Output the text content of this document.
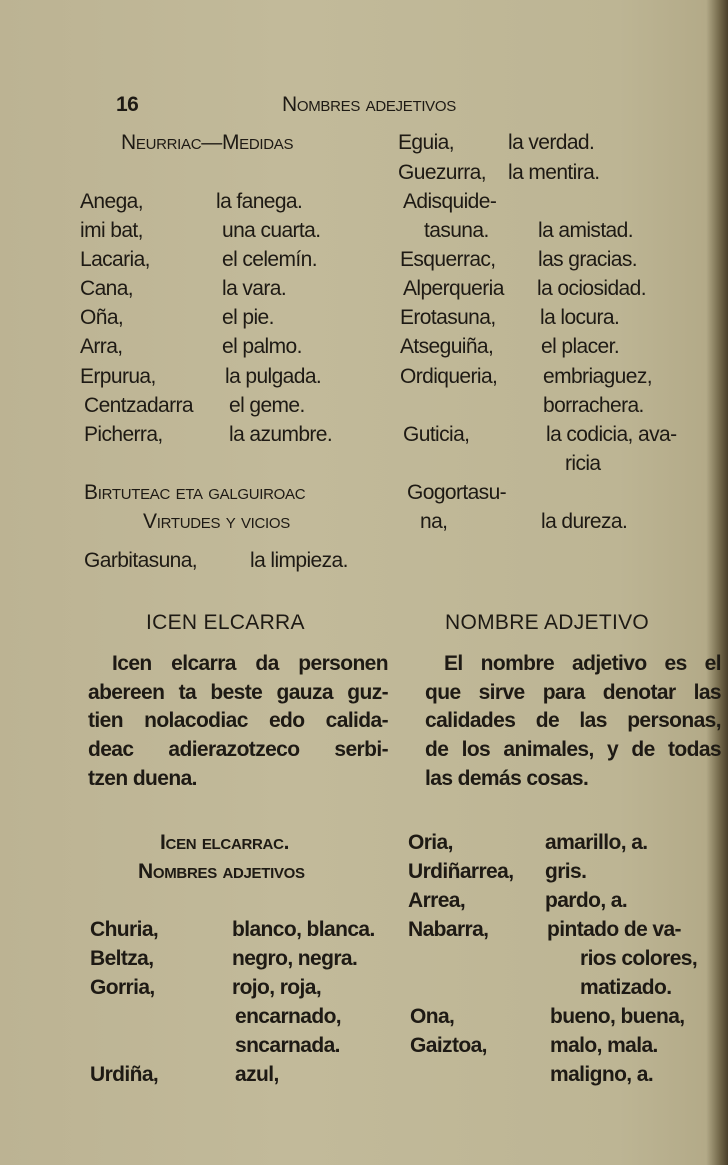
16	Nombres adejetivos
Neurriac—Medidas
Anega,	la fanega.
imi bat,	una cuarta.
Lacaria,	el celemín.
Cana,	la vara.
Oña,	el pie.
Arra,	el palmo.
Erpurua,	la pulgada.
Centzadarra el geme.
Picherra,	la azumbre.
Eguia,	la verdad.
Guezurra, la mentira.
Adisquide-
tasuna. la amistad.
Esquerrac, las gracias.
Alperqueria la ociosidad.
Erotasuna, la locura.
Atseguiña, el placer.
Ordiqueria, embriaguez,
borrachera.
Guticia,	la codicia, ava-
ricia
Gogortasu-
na,	la dureza.
Birtuteac eta galguiroac
Virtudes y vicios
Garbitasuna,	la limpieza.
ICEN ELCARRA	NOMBRE ADJETIVO
Icen elcarra da personen
abereen ta beste gauza guz-
tien nolacodiac edo calida-
deac adierazotzeco serbi-
tzen duena.
El nombre adjetivo es el
que sirve para denotar las
calidades de las personas,
de los animales, y de todas
las demás cosas.
Icen elcarrac.
Nombres adjetivos
Churia,	blanco, blanca.
Beltza,	negro, negra.
Gorria,	rojo, roja,
encarnado,
sncarnada.
Urdiña,	azul,
Oria,	amarillo, a.
Urdiñarrea, gris.
Arrea,	pardo, a.
Nabarra,	pintado de va-
rios colores,
matizado.
Ona,	bueno, buena,
Gaiztoa,	malo, mala.
maligno, a.
